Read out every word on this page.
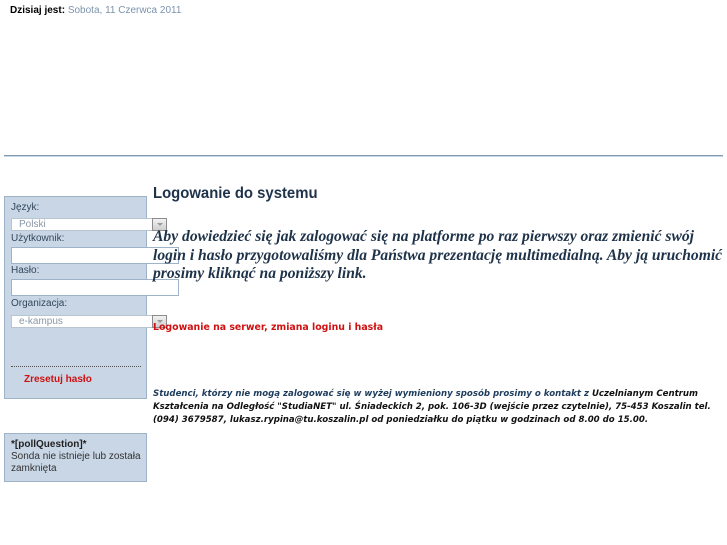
Dzisiaj jest: Sobota, 11 Czerwca 2011
Język:
Polski
Użytkownik:
Hasło:
Organizacja:
e-kampus
Zresetuj hasło
*[pollQuestion]*
Sonda nie istnieje lub została zamknięta
Logowanie do systemu
Aby dowiedzieć się jak zalogować się na platforme po raz pierwszy oraz zmienić swój login i hasło przygotowaliśmy dla Państwa prezentację multimedialną. Aby ją uruchomić prosimy kliknąć na poniższy link.
Logowanie na serwer, zmiana loginu i hasła
Studenci, którzy nie mogą zalogować się w wyżej wymieniony sposób prosimy o kontakt z Uczelnianym Centrum Kształcenia na Odległość "StudiaNET" ul. Śniadeckich 2, pok. 106-3D (wejście przez czytelnie), 75-453 Koszalin tel. (094) 3679587, lukasz.rypina@tu.koszalin.pl od poniedziałku do piątku w godzinach od 8.00 do 15.00.
